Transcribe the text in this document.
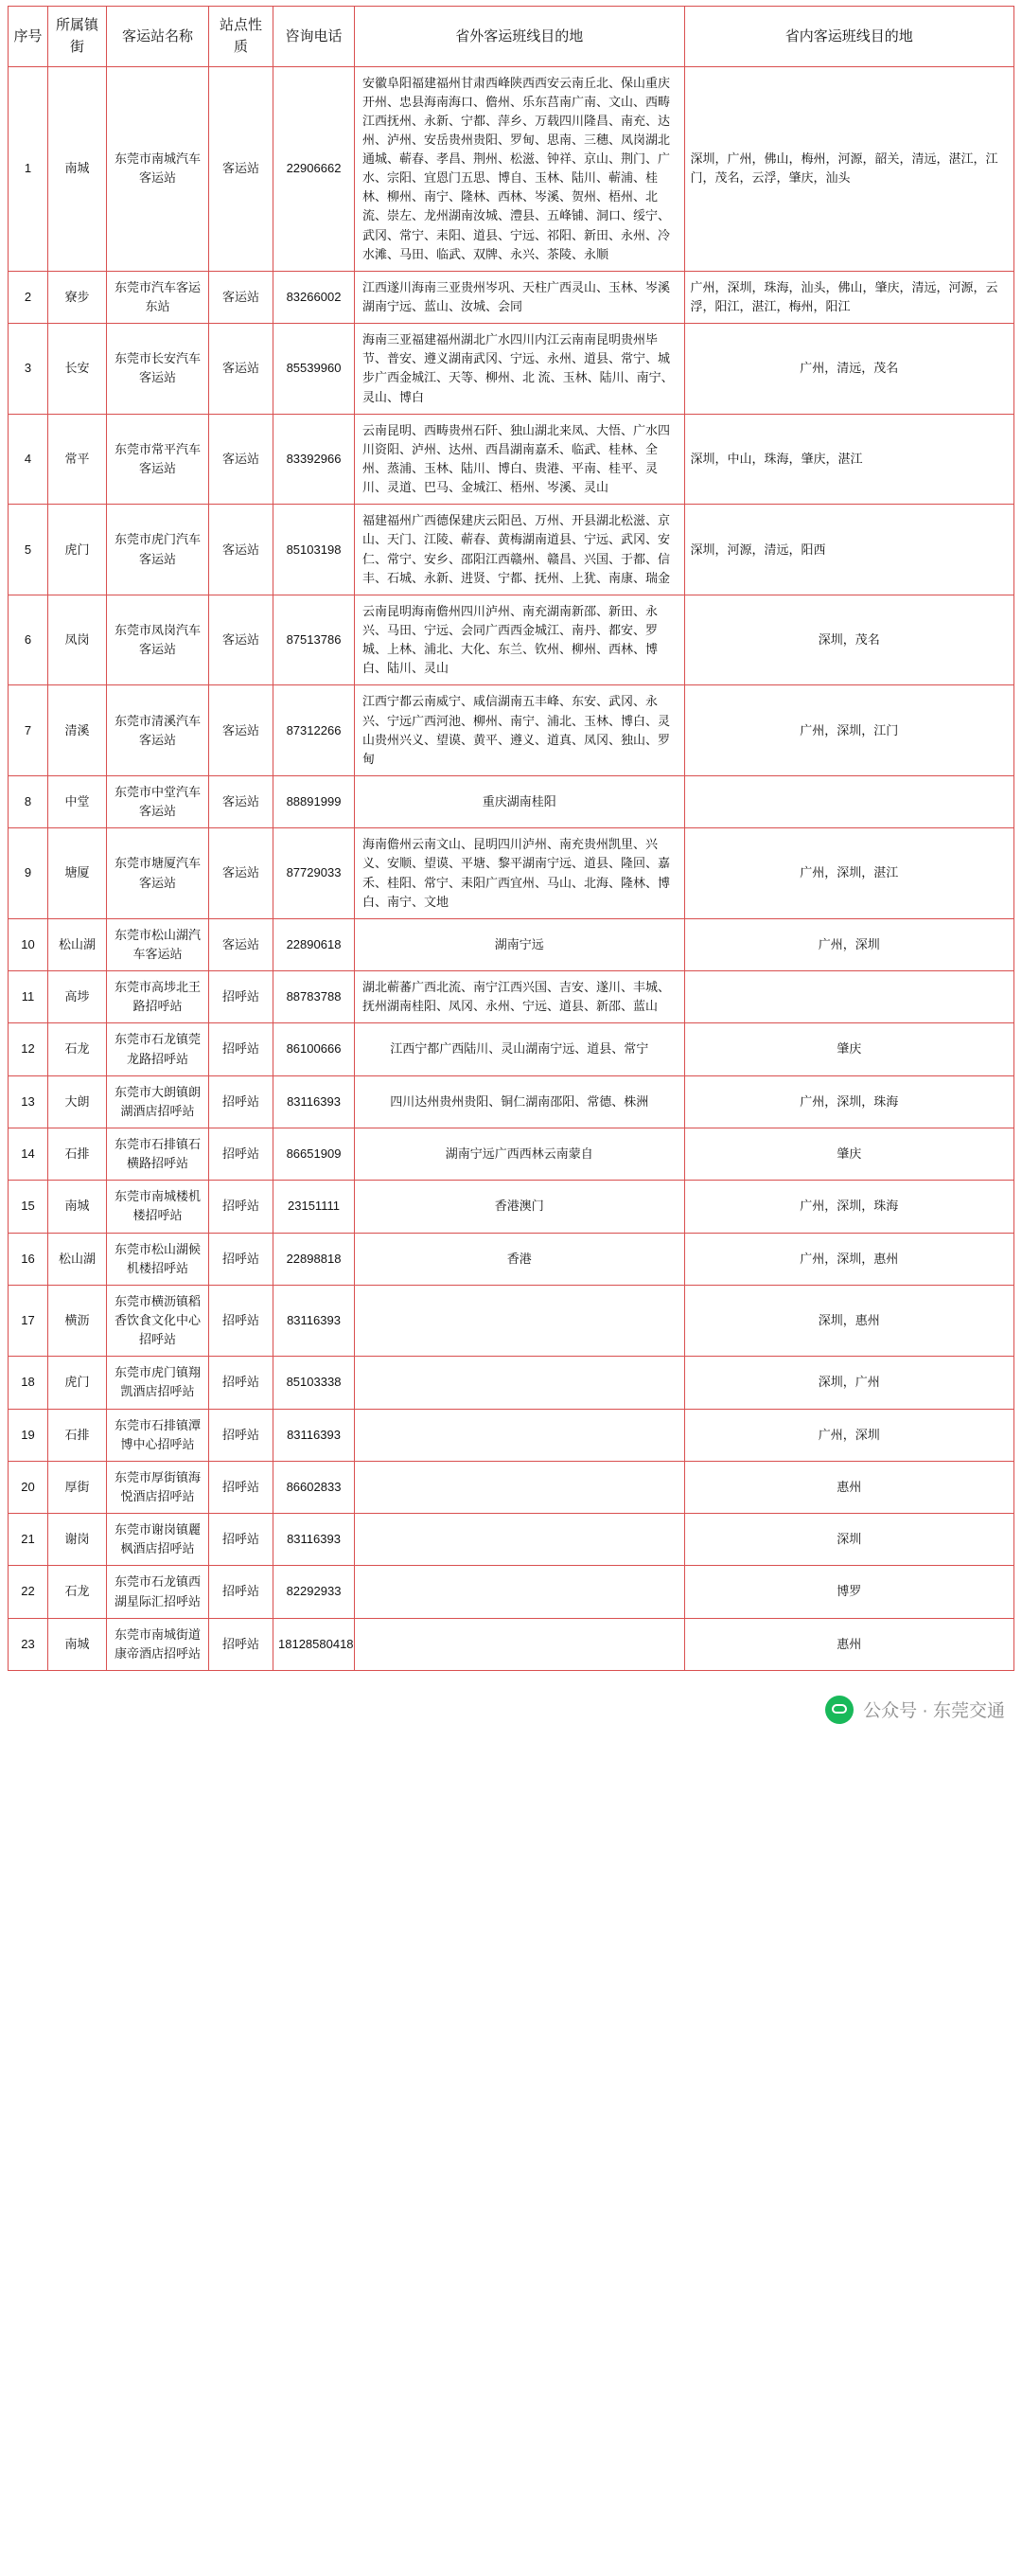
序号	所属镇街	客运站名称	站点性质	咨询电话	省外客运班线目的地	省内客运班线目的地
1	南城	东莞市南城汽车客运站	客运站	22906662	安徽阜阳福建福州甘肃西峰陕西西安云南丘北、保山重庆开州、忠县海南海口、儋州、乐东莒南广南、文山、西畴江西抚州、永新、宁都、萍乡、万载四川隆昌、南充、达州、泸州、安岳贵州贵阳、罗甸、思南、三穗、凤岗湖北通城、蕲春、孝昌、荆州、松滋、钟祥、京山、荆门、广水、宗阳、宜恩门五思、博自、玉林、陆川、蕲浦、桂林、柳州、南宁、隆林、西林、岑溪、贺州、梧州、北流、崇左、龙州湖南汝城、澧县、五峰铺、洞口、绥宁、武冈、常宁、耒阳、道县、宁远、祁阳、新田、永州、冷水滩、马田、临武、双牌、永兴、茶陵、永顺	深圳，广州，佛山，梅州，河源，韶关，清远，湛江，江门，茂名，云浮，肇庆，汕头
2	寮步	东莞市汽车客运东站	客运站	83266002	江西遂川海南三亚贵州岑巩、天柱广西灵山、玉林、岑溪湖南宁远、蓝山、汝城、会同	广州，深圳，珠海，汕头，佛山，肇庆，清远，河源，云浮，阳江，湛江，梅州，阳江
3	长安	东莞市长安汽车客运站	客运站	85539960	海南三亚福建福州湖北广水四川内江云南南昆明贵州毕节、普安、遵义湖南武冈、宁远、永州、道县、常宁、城步广西金城江、天等、柳州、北 流、玉林、陆川、南宁、灵山、博白	广州，清远，茂名
4	常平	东莞市常平汽车客运站	客运站	83392966	云南昆明、西畴贵州石阡、独山湖北来凤、大悟、广水四川资阳、泸州、达州、西昌湖南嘉禾、临武、桂林、全州、蒸浦、玉林、陆川、博白、贵港、平南、桂平、灵川、灵道、巴马、金城江、梧州、岑溪、灵山	深圳，中山，珠海，肇庆，湛江
5	虎门	东莞市虎门汽车客运站	客运站	85103198	福建福州广西德保建庆云阳邑、万州、开县湖北松滋、京山、天门、江陵、蕲春、黄梅湖南道县、宁远、武冈、安仁、常宁、安乡、邵阳江西赣州、赣昌、兴国、于都、信丰、石城、永新、进贤、宁都、抚州、上犹、南康、瑞金	深圳，河源，清远，阳西
6	凤岗	东莞市凤岗汽车客运站	客运站	87513786	云南昆明海南儋州四川泸州、南充湖南新邵、新田、永兴、马田、宁远、会同广西西金城江、南丹、都安、罗城、上林、浦北、大化、东兰、钦州、柳州、西林、博白、陆川、灵山	深圳，茂名
7	清溪	东莞市清溪汽车客运站	客运站	87312266	江西宁都云南威宁、咸信湖南五丰峰、东安、武冈、永兴、宁远广西河池、柳州、南宁、浦北、玉林、博白、灵山贵州兴义、望谟、黄平、遵义、道真、凤冈、独山、罗甸	广州，深圳，江门
8	中堂	东莞市中堂汽车客运站	客运站	88891999	重庆湖南桂阳	
9	塘厦	东莞市塘厦汽车客运站	客运站	87729033	海南儋州云南文山、昆明四川泸州、南充贵州凯里、兴义、安顺、望谟、平塘、黎平湖南宁远、道县、隆回、嘉禾、桂阳、常宁、耒阳广西宜州、马山、北海、隆林、博白、南宁、文地	广州，深圳，湛江
10	松山湖	东莞市松山湖汽车客运站	客运站	22890618	湖南宁远	广州，深圳
11	高埗	东莞市高埗北王路招呼站	招呼站	88783788	湖北蕲蕃广西北流、南宁江西兴国、吉安、遂川、丰城、抚州湖南桂阳、凤冈、永州、宁远、道县、新邵、蓝山	
12	石龙	东莞市石龙镇莞龙路招呼站	招呼站	86100666	江西宁都广西陆川、灵山湖南宁远、道县、常宁	肇庆
13	大朗	东莞市大朗镇朗湖酒店招呼站	招呼站	83116393	四川达州贵州贵阳、铜仁湖南邵阳、常德、株洲	广州，深圳，珠海
14	石排	东莞市石排镇石横路招呼站	招呼站	86651909	湖南宁远广西西林云南蒙自	肇庆
15	南城	东莞市南城楼机楼招呼站	招呼站	23151111	香港澳门	广州，深圳，珠海
16	松山湖	东莞市松山湖候机楼招呼站	招呼站	22898818	香港	广州，深圳，惠州
17	横沥	东莞市横沥镇稻香饮食文化中心招呼站	招呼站	83116393		深圳，惠州
18	虎门	东莞市虎门镇翔凯酒店招呼站	招呼站	85103338		深圳，广州
19	石排	东莞市石排镇潭博中心招呼站	招呼站	83116393		广州，深圳
20	厚街	东莞市厚街镇海悦酒店招呼站	招呼站	86602833		惠州
21	谢岗	东莞市谢岗镇麗枫酒店招呼站	招呼站	83116393		深圳
22	石龙	东莞市石龙镇西湖星际汇招呼站	招呼站	82292933		博罗
23	南城	东莞市南城街道康帝酒店招呼站	招呼站	18128580418		惠州
公众号 · 东莞交通
